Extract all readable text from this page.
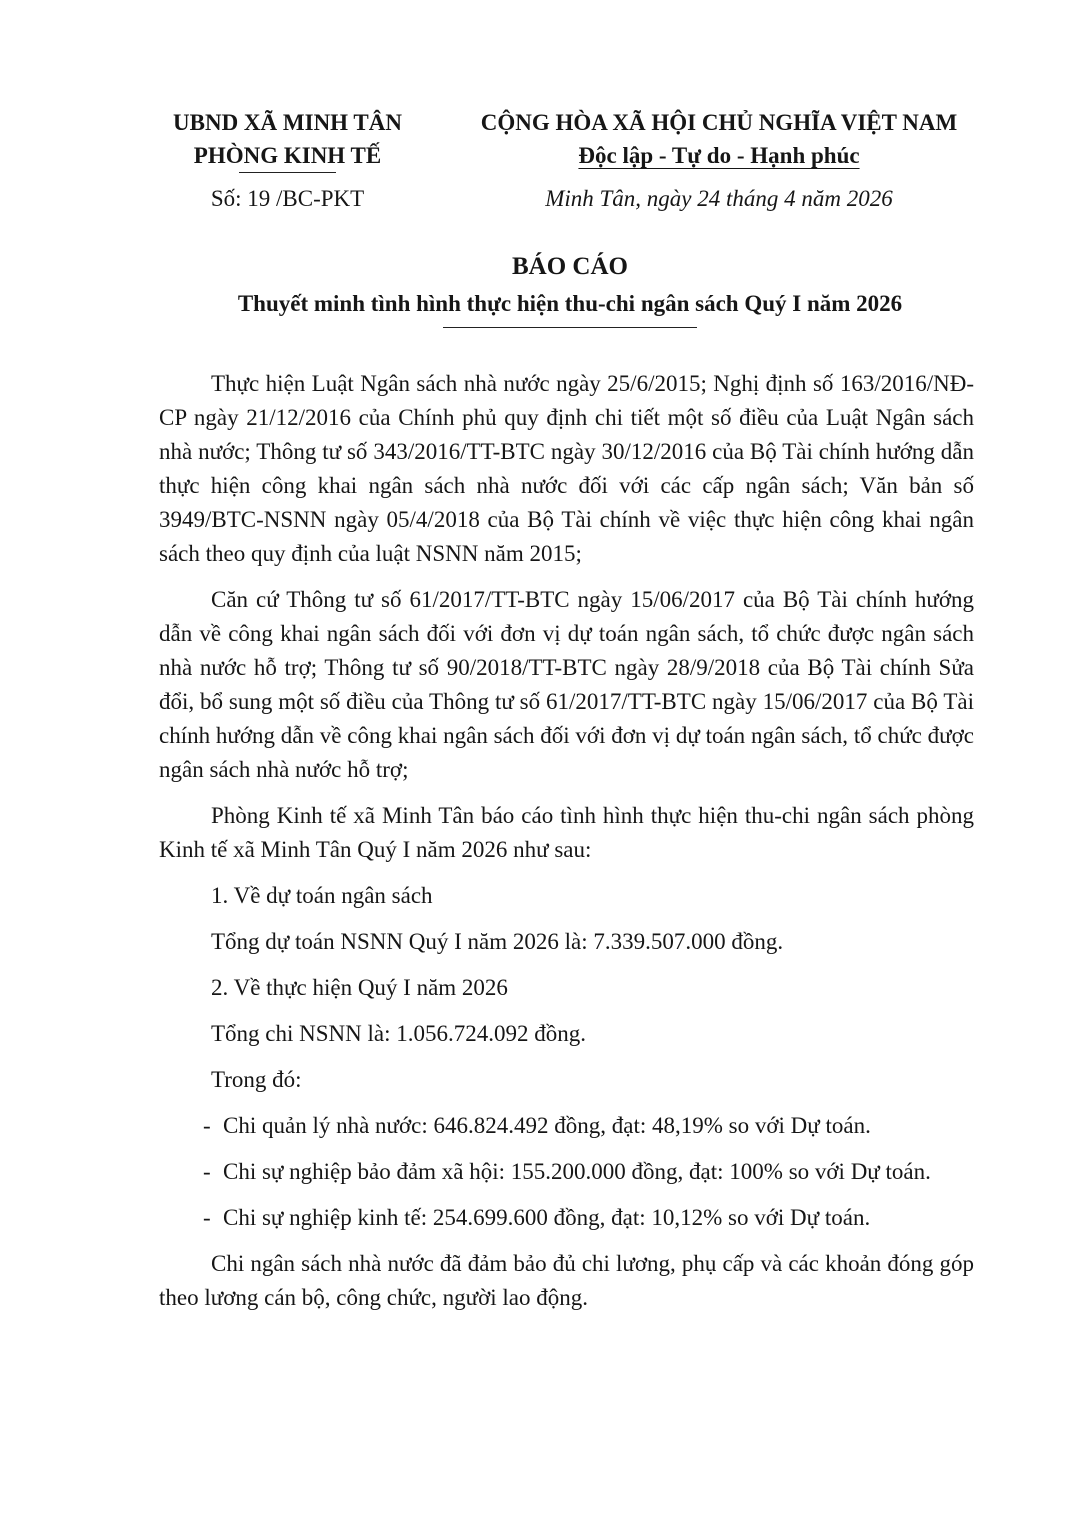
UBND XÃ MINH TÂN
PHÒNG KINH TẾ
CỘNG HÒA XÃ HỘI CHỦ NGHĨA VIỆT NAM
Độc lập - Tự do - Hạnh phúc
Số: 19 /BC-PKT	Minh Tân, ngày 24 tháng 4 năm 2026
BÁO CÁO
Thuyết minh tình hình thực hiện thu-chi ngân sách Quý I năm 2026

Thực hiện Luật Ngân sách nhà nước ngày 25/6/2015; Nghị định số 163/2016/NĐ-CP ngày 21/12/2016 của Chính phủ quy định chi tiết một số điều của Luật Ngân sách nhà nước; Thông tư số 343/2016/TT-BTC ngày 30/12/2016 của Bộ Tài chính hướng dẫn thực hiện công khai ngân sách nhà nước đối với các cấp ngân sách; Văn bản số 3949/BTC-NSNN ngày 05/4/2018 của Bộ Tài chính về việc thực hiện công khai ngân sách theo quy định của luật NSNN năm 2015;

Căn cứ Thông tư số 61/2017/TT-BTC ngày 15/06/2017 của Bộ Tài chính hướng dẫn về công khai ngân sách đối với đơn vị dự toán ngân sách, tổ chức được ngân sách nhà nước hỗ trợ; Thông tư số 90/2018/TT-BTC ngày 28/9/2018 của Bộ Tài chính Sửa đổi, bổ sung một số điều của Thông tư số 61/2017/TT-BTC ngày 15/06/2017 của Bộ Tài chính hướng dẫn về công khai ngân sách đối với đơn vị dự toán ngân sách, tổ chức được ngân sách nhà nước hỗ trợ;

Phòng Kinh tế xã Minh Tân báo cáo tình hình thực hiện thu-chi ngân sách phòng Kinh tế xã Minh Tân Quý I năm 2026 như sau:

1. Về dự toán ngân sách

Tổng dự toán NSNN Quý I năm 2026 là: 7.339.507.000 đồng.

2. Về thực hiện Quý I năm 2026

Tổng chi NSNN là: 1.056.724.092 đồng.

Trong đó:

- Chi quản lý nhà nước: 646.824.492 đồng, đạt: 48,19% so với Dự toán.
- Chi sự nghiệp bảo đảm xã hội: 155.200.000 đồng, đạt: 100% so với Dự toán.
- Chi sự nghiệp kinh tế: 254.699.600 đồng, đạt: 10,12% so với Dự toán.

Chi ngân sách nhà nước đã đảm bảo đủ chi lương, phụ cấp và các khoản đóng góp theo lương cán bộ, công chức, người lao động.
